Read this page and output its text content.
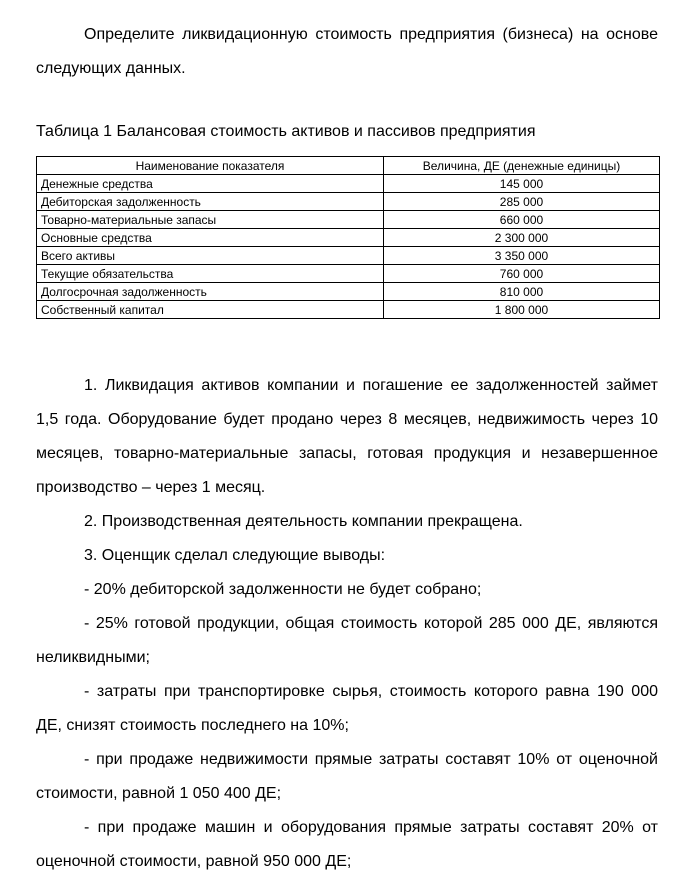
Определите ликвидационную стоимость предприятия (бизнеса) на основе следующих данных.

Таблица 1 Балансовая стоимость активов и пассивов предприятия
Наименование показателя	Величина, ДЕ (денежные единицы)
Денежные средства	145 000
Дебиторская задолженность	285 000
Товарно-материальные запасы	660 000
Основные средства	2 300 000
Всего активы	3 350 000
Текущие обязательства	760 000
Долгосрочная задолженность	810 000
Собственный капитал	1 800 000

1. Ликвидация активов компании и погашение ее задолженностей займет 1,5 года. Оборудование будет продано через 8 месяцев, недвижимость через 10 месяцев, товарно-материальные запасы, готовая продукция и незавершенное производство – через 1 месяц.

2. Производственная деятельность компании прекращена.

3. Оценщик сделал следующие выводы:

- 20% дебиторской задолженности не будет собрано;

- 25% готовой продукции, общая стоимость которой 285 000 ДЕ, являются неликвидными;

- затраты при транспортировке сырья, стоимость которого равна 190 000 ДЕ, снизят стоимость последнего на 10%;

- при продаже недвижимости прямые затраты составят 10% от оценочной стоимости, равной 1 050 400 ДЕ;

- при продаже машин и оборудования прямые затраты составят 20% от оценочной стоимости, равной 950 000 ДЕ;
